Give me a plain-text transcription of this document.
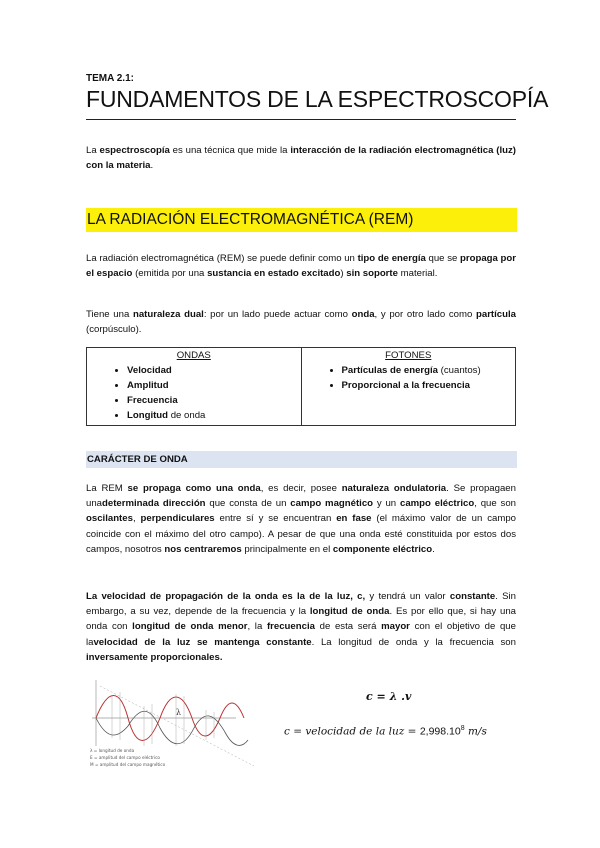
TEMA 2.1:
FUNDAMENTOS DE LA ESPECTROSCOPÍA

La espectroscopía es una técnica que mide la interacción de la radiación electromagnética (luz) con la materia.

LA RADIACIÓN ELECTROMAGNÉTICA (REM)

La radiación electromagnética (REM) se puede definir como un tipo de energía que se propaga por el espacio (emitida por una sustancia en estado excitado) sin soporte material.

Tiene una naturaleza dual: por un lado puede actuar como onda, y por otro lado como partícula (corpúsculo).

ONDAS
• Velocidad
• Amplitud
• Frecuencia
• Longitud de onda

FOTONES
• Partículas de energía (cuantos)
• Proporcional a la frecuencia
CARÁCTER DE ONDA

La REM se propaga como una onda, es decir, posee naturaleza ondulatoria. Se propagaen unadeterminada dirección que consta de un campo magnético y un campo eléctrico, que son oscilantes, perpendiculares entre sí y se encuentran en fase (el máximo valor de un campo coincide con el máximo del otro campo). A pesar de que una onda esté constituida por estos dos campos, nosotros nos centraremos principalmente en el componente eléctrico.

La velocidad de propagación de la onda es la de la luz, c, y tendrá un valor constante. Sin embargo, a su vez, depende de la frecuencia y la longitud de onda. Es por ello que, si hay una onda con longitud de onda menor, la frecuencia de esta será mayor con el objetivo de que lavelocidad de la luz se mantenga constante. La longitud de onda y la frecuencia son inversamente proporcionales.

λ
λ = longitud de onda
E = amplitud del campo eléctrico
M = amplitud del campo magnético
c = λ .v
c = velocidad de la luz = $2,998.10^8$ m/s
